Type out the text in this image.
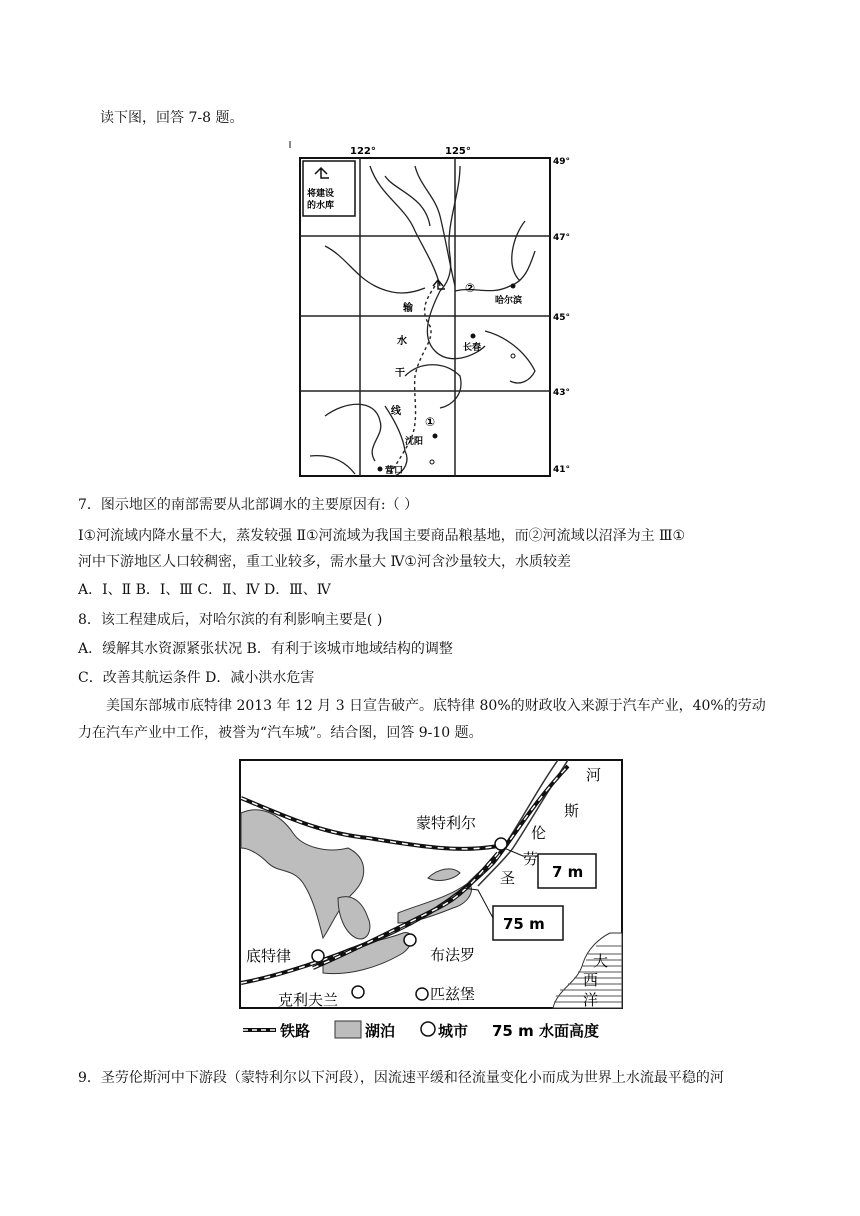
读下图，回答 7-8 题。
将建设
的水库
122°	125°
49°
47°
45°
43°
41°
输
水
干
线
②
①
哈尔滨
长春
沈阳
营口
7．图示地区的南部需要从北部调水的主要原因有:（ ）
Ⅰ①河流域内降水量不大，蒸发较强 Ⅱ①河流域为我国主要商品粮基地，而②河流域以沼泽为主 Ⅲ①
河中下游地区人口较稠密，重工业较多，需水量大 Ⅳ①河含沙量较大，水质较差
A．Ⅰ、Ⅱ B．Ⅰ、Ⅲ C．Ⅱ、Ⅳ D．Ⅲ、Ⅳ
8．该工程建成后，对哈尔滨的有利影响主要是( )
A．缓解其水资源紧张状况 B．有利于该城市地域结构的调整
C．改善其航运条件 D．减小洪水危害
美国东部城市底特律 2013 年 12 月 3 日宣告破产。底特律 80%的财政收入来源于汽车产业，40%的劳动
力在汽车产业中工作，被誉为“汽车城”。结合图，回答 9-10 题。
蒙特利尔
底特律	布法罗
克利夫兰	匹兹堡
河
斯
伦
劳
圣
大
西
洋
7 m
75 m
铁路	湖泊	城市 75 m 水面高度
9．圣劳伦斯河中下游段（蒙特利尔以下河段），因流速平缓和径流量变化小而成为世界上水流最平稳的河
